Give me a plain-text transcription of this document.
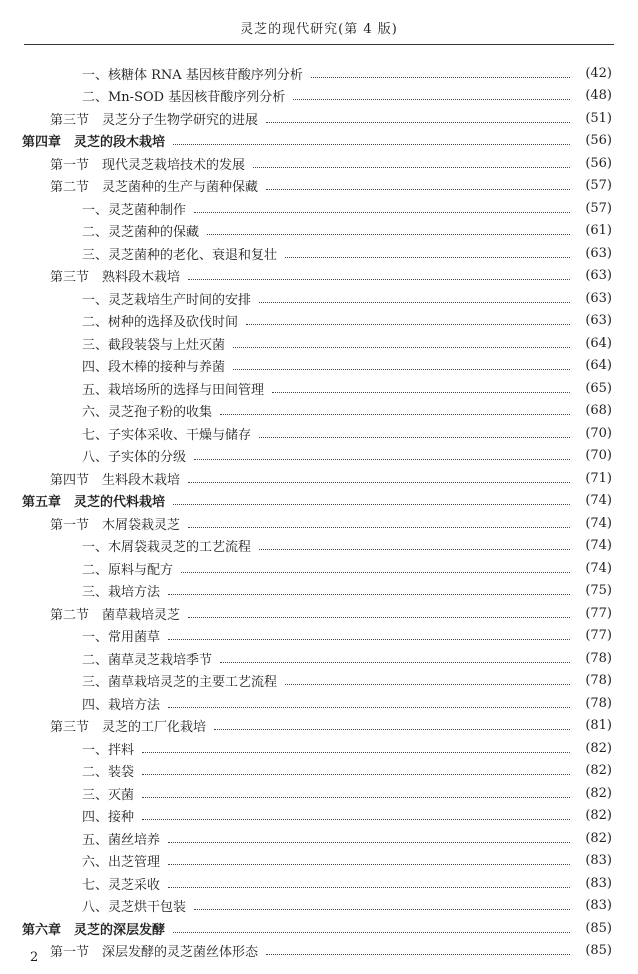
灵芝的现代研究(第 4 版)
一、核糖体 RNA 基因核苷酸序列分析	(42)
二、Mn-SOD 基因核苷酸序列分析	(48)
第三节　灵芝分子生物学研究的进展	(51)
第四章　灵芝的段木栽培	(56)
第一节　现代灵芝栽培技术的发展	(56)
第二节　灵芝菌种的生产与菌种保藏	(57)
一、灵芝菌种制作	(57)
二、灵芝菌种的保藏	(61)
三、灵芝菌种的老化、衰退和复壮	(63)
第三节　熟料段木栽培	(63)
一、灵芝栽培生产时间的安排	(63)
二、树种的选择及砍伐时间	(63)
三、截段装袋与上灶灭菌	(64)
四、段木棒的接种与养菌	(64)
五、栽培场所的选择与田间管理	(65)
六、灵芝孢子粉的收集	(68)
七、子实体采收、干燥与储存	(70)
八、子实体的分级	(70)
第四节　生料段木栽培	(71)
第五章　灵芝的代料栽培	(74)
第一节　木屑袋栽灵芝	(74)
一、木屑袋栽灵芝的工艺流程	(74)
二、原料与配方	(74)
三、栽培方法	(75)
第二节　菌草栽培灵芝	(77)
一、常用菌草	(77)
二、菌草灵芝栽培季节	(78)
三、菌草栽培灵芝的主要工艺流程	(78)
四、栽培方法	(78)
第三节　灵芝的工厂化栽培	(81)
一、拌料	(82)
二、装袋	(82)
三、灭菌	(82)
四、接种	(82)
五、菌丝培养	(82)
六、出芝管理	(83)
七、灵芝采收	(83)
八、灵芝烘干包装	(83)
第六章　灵芝的深层发酵	(85)
第一节　深层发酵的灵芝菌丝体形态	(85)
2
